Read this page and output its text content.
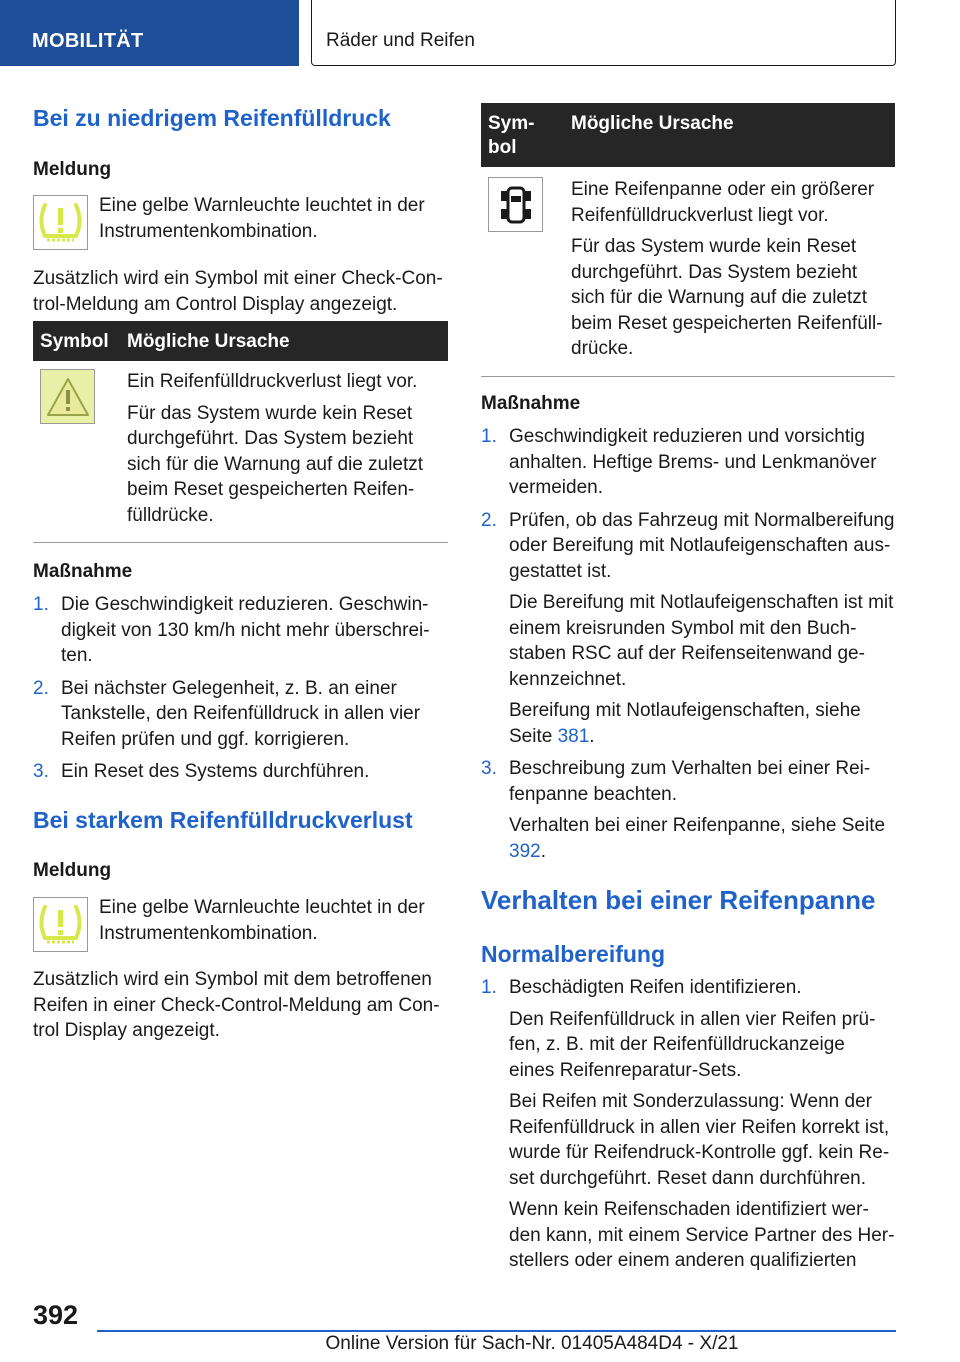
MOBILITÄT	Räder und Reifen
Bei zu niedrigem Reifenfülldruck
Meldung
Eine gelbe Warnleuchte leuchtet in der Instrumentenkombination.
Zusätzlich wird ein Symbol mit einer Check-Con-trol-Meldung am Control Display angezeigt.
Symbol	Mögliche Ursache

Ein Reifenfülldruckverlust liegt vor.

Für das System wurde kein Reset durchgeführt. Das System bezieht sich für die Warnung auf die zuletzt beim Reset gespeicherten Reifen-fülldrücke.

Maßnahme
1. Die Geschwindigkeit reduzieren. Geschwin-digkeit von 130 km/h nicht mehr überschrei-ten.
2. Bei nächster Gelegenheit, z. B. an einer Tankstelle, den Reifenfülldruck in allen vier Reifen prüfen und ggf. korrigieren.
3. Ein Reset des Systems durchführen.
Bei starkem Reifenfülldruckverlust
Meldung
Eine gelbe Warnleuchte leuchtet in der Instrumentenkombination.
Zusätzlich wird ein Symbol mit dem betroffenen Reifen in einer Check-Control-Meldung am Con-trol Display angezeigt.
Sym-bol	Mögliche Ursache

Eine Reifenpanne oder ein größerer Reifenfülldruckverlust liegt vor.

Für das System wurde kein Reset durchgeführt. Das System bezieht sich für die Warnung auf die zuletzt beim Reset gespeicherten Reifenfüll-drücke.

Maßnahme
1. Geschwindigkeit reduzieren und vorsichtig anhalten. Heftige Brems- und Lenkmanöver vermeiden.
2. Prüfen, ob das Fahrzeug mit Normalbereifung oder Bereifung mit Notlaufeigenschaften aus-gestattet ist.

Die Bereifung mit Notlaufeigenschaften ist mit einem kreisrunden Symbol mit den Buch-staben RSC auf der Reifenseitenwand ge-kennzeichnet.

Bereifung mit Notlaufeigenschaften, siehe Seite 381.

3. Beschreibung zum Verhalten bei einer Rei-fenpanne beachten.

Verhalten bei einer Reifenpanne, siehe Seite 392.

Verhalten bei einer Reifenpanne
Normalbereifung
1. Beschädigten Reifen identifizieren.

Den Reifenfülldruck in allen vier Reifen prü-fen, z. B. mit der Reifenfülldruckanzeige eines Reifenreparatur-Sets.

Bei Reifen mit Sonderzulassung: Wenn der Reifenfülldruck in allen vier Reifen korrekt ist, wurde für Reifendruck-Kontrolle ggf. kein Re-set durchgeführt. Reset dann durchführen.

Wenn kein Reifenschaden identifiziert wer-den kann, mit einem Service Partner des Her-stellers oder einem anderen qualifizierten

392
Online Version für Sach-Nr. 01405A484D4 - X/21
